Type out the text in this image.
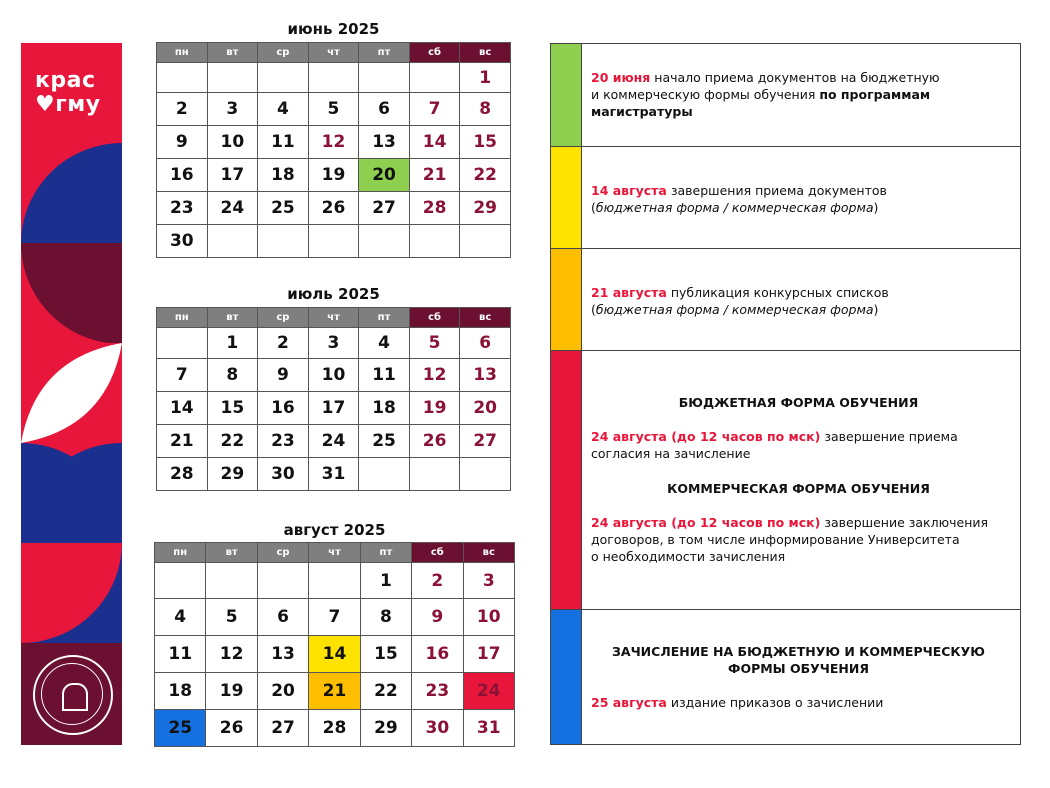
крас
♥гму
июнь 2025
пн	вт	ср	чт	пт	сб	вс
						1
2	3	4	5	6	7	8
9	10	11	12	13	14	15
16	17	18	19	20	21	22
23	24	25	26	27	28	29
30						
июль 2025
пн	вт	ср	чт	пт	сб	вс
	1	2	3	4	5	6
7	8	9	10	11	12	13
14	15	16	17	18	19	20
21	22	23	24	25	26	27
28	29	30	31			
август 2025
пн	вт	ср	чт	пт	сб	вс
				1	2	3
4	5	6	7	8	9	10
11	12	13	14	15	16	17
18	19	20	21	22	23	24
25	26	27	28	29	30	31
20 июня начало приема документов на бюджетную
и коммерческую формы обучения по программам магистратуры
14 августа завершения приема документов
(бюджетная форма / коммерческая форма)
21 августа публикация конкурсных списков
(бюджетная форма / коммерческая форма)
БЮДЖЕТНАЯ ФОРМА ОБУЧЕНИЯ
24 августа (до 12 часов по мск) завершение приема
согласия на зачисление
КОММЕРЧЕСКАЯ ФОРМА ОБУЧЕНИЯ
24 августа (до 12 часов по мск) завершение заключения
договоров, в том числе информирование Университета
о необходимости зачисления
ЗАЧИСЛЕНИЕ НА БЮДЖЕТНУЮ И КОММЕРЧЕСКУЮ
ФОРМЫ ОБУЧЕНИЯ
25 августа издание приказов о зачислении
